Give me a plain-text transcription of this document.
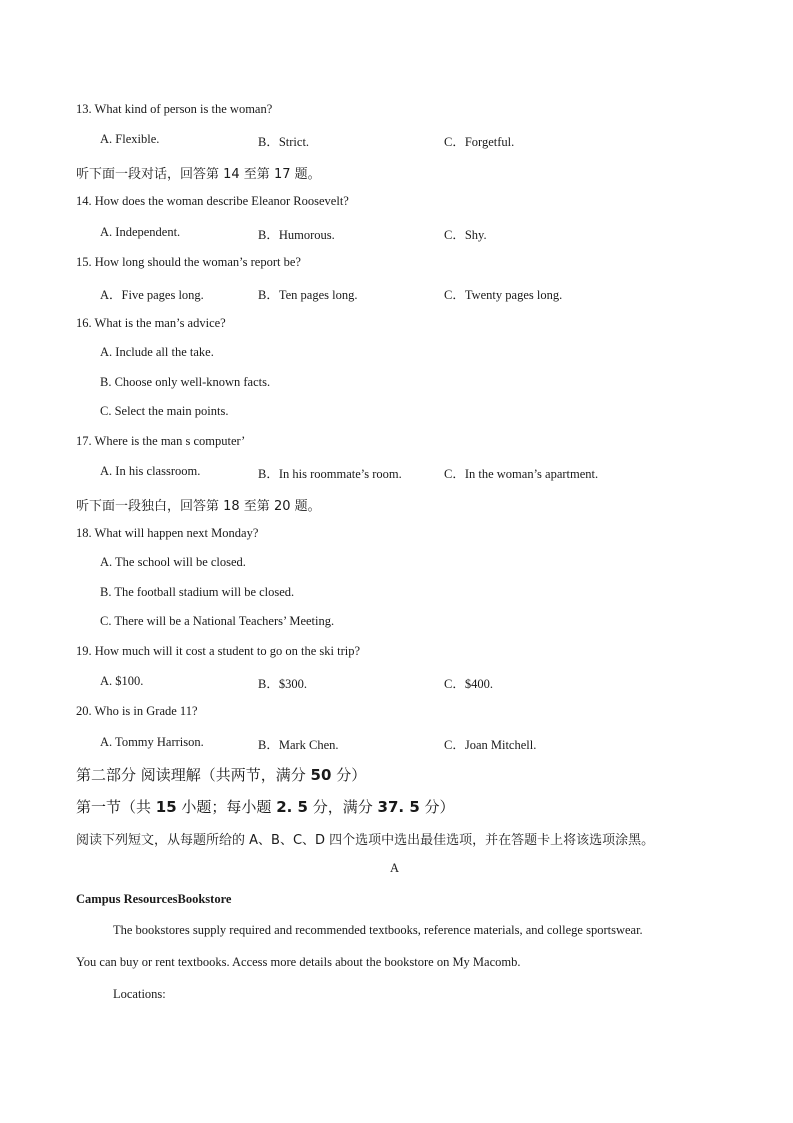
13. What kind of person is the woman?
A. Flexible.	B．Strict.	C．Forgetful.
听下面一段对话，回答第 14 至第 17 题。
14. How does the woman describe Eleanor Roosevelt?
A. Independent.	B．Humorous.	C．Shy.
15. How long should the woman’s report be?
A．Five pages long.	B．Ten pages long.	C．Twenty pages long.
16. What is the man’s advice?
A. Include all the take.
B. Choose only well-known facts.
C. Select the main points.
17. Where is the man s computer’
A. In his classroom.	B．In his roommate’s room.	C．In the woman’s apartment.
听下面一段独白，回答第 18 至第 20 题。
18. What will happen next Monday?
A. The school will be closed.
B. The football stadium will be closed.
C. There will be a National Teachers’ Meeting.
19. How much will it cost a student to go on the ski trip?
A. $100.	B．$300.	C．$400.
20. Who is in Grade 11?
A. Tommy Harrison.	B．Mark Chen.	C．Joan Mitchell.
第二部分 阅读理解（共两节，满分 50 分）
第一节（共 15 小题；每小题 2. 5 分，满分 37. 5 分）
阅读下列短文，从每题所给的 A、B、C、D 四个选项中选出最佳选项，并在答题卡上将该选项涂黑。
A
Campus ResourcesBookstore
The bookstores supply required and recommended textbooks, reference materials, and college sportswear.
You can buy or rent textbooks. Access more details about the bookstore on My Macomb.
Locations:
